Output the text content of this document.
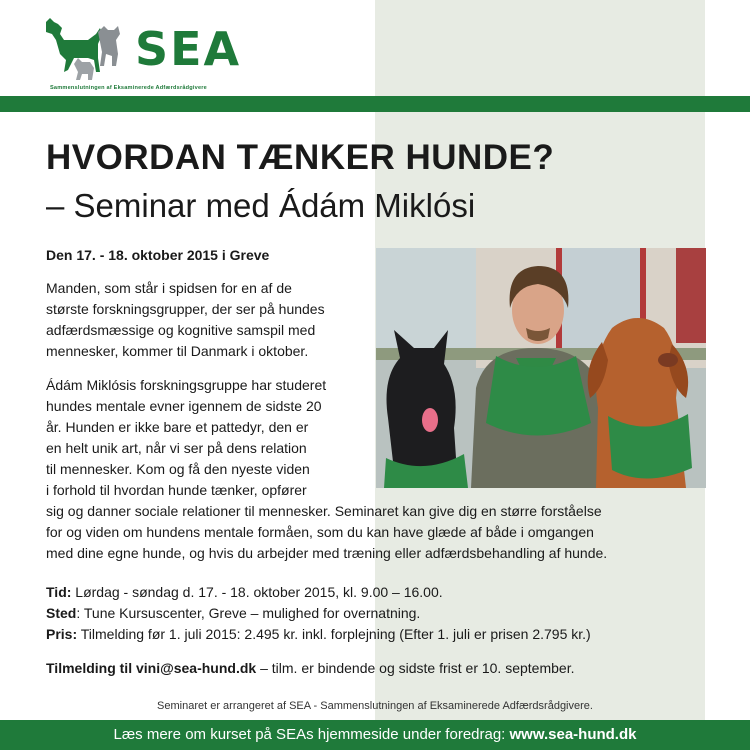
SEA
Sammenslutningen af Eksaminerede Adfærdsrådgivere
HVORDAN TÆNKER HUNDE?
– Seminar med Ádám Miklósi
Den 17. - 18. oktober 2015 i Greve
Manden, som står i spidsen for en af de
største forskningsgrupper, der ser på hundes
adfærdsmæssige og kognitive samspil med
mennesker, kommer til Danmark i oktober.
Ádám Miklósis forskningsgruppe har studeret
hundes mentale evner igennem de sidste 20
år. Hunden er ikke bare et pattedyr, den er
en helt unik art, når vi ser på dens relation
til mennesker. Kom og få den nyeste viden
i forhold til hvordan hunde tænker, opfører
sig og danner sociale relationer til mennesker. Seminaret kan give dig en større forståelse
for og viden om hundens mentale formåen, som du kan have glæde af både i omgangen
med dine egne hunde, og hvis du arbejder med træning eller adfærdsbehandling af hunde.
Tid: Lørdag - søndag d. 17. - 18. oktober 2015, kl. 9.00 – 16.00.
Sted: Tune Kursuscenter, Greve – mulighed for overnatning.
Pris: Tilmelding før 1. juli 2015: 2.495 kr. inkl. forplejning (Efter 1. juli er prisen 2.795 kr.)
Tilmelding til vini@sea-hund.dk – tilm. er bindende og sidste frist er 10. september.
Seminaret er arrangeret af SEA - Sammenslutningen af Eksaminerede Adfærdsrådgivere.
Læs mere om kurset på SEAs hjemmeside under foredrag: www.sea-hund.dk
